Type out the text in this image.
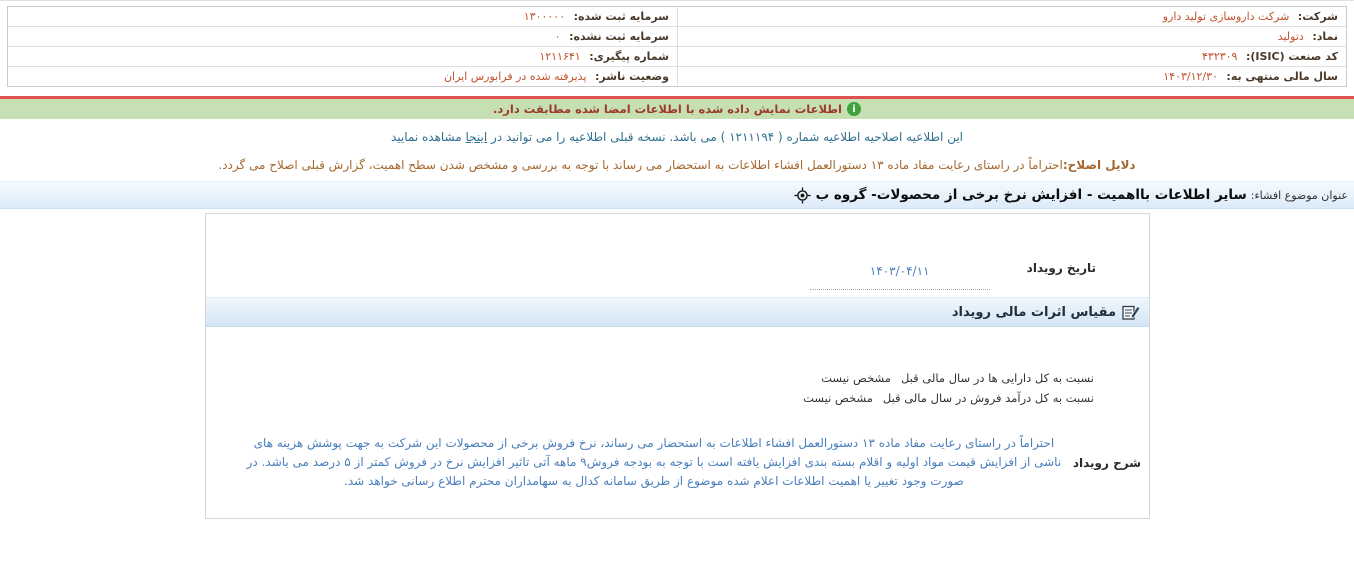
شرکت: شرکت داروسازی تولید دارو
سرمایه ثبت شده: ۱۳۰۰۰۰۰
نماد: دتولید
سرمایه ثبت نشده: ۰
کد صنعت (ISIC): ۴۳۲۳۰۹
شماره پیگیری: ۱۲۱۱۶۴۱
سال مالی منتهی به: ۱۴۰۳/۱۲/۳۰
وضعیت ناشر: پذیرفته شده در فرابورس ایران
i
اطلاعات نمایش داده شده با اطلاعات امضا شده مطابقت دارد.
این اطلاعیه اصلاحیه اطلاعیه شماره ( ۱۲۱۱۱۹۴ ) می باشد. نسخه قبلی اطلاعیه را می توانید در اینجا مشاهده نمایید
دلایل اصلاح:احتراماً در راستای رعایت مفاد ماده ۱۳ دستورالعمل افشاء اطلاعات به استحضار می رساند با توجه به بررسی و مشخص شدن سطح اهمیت، گزارش قبلی اصلاح می گردد.
عنوان موضوع افشاء:
سایر اطلاعات بااهمیت - افزایش نرخ برخی از محصولات- گروه ب
تاریخ رویداد
۱۴۰۳/۰۴/۱۱
مقیاس اثرات مالی رویداد
نسبت به کل دارایی ها در سال مالی قبل
مشخص نیست
نسبت به کل درآمد فروش در سال مالی قبل
مشخص نیست
شرح رویداد
احتراماً در راستای رعایت مفاد ماده ۱۳ دستورالعمل افشاء اطلاعات به استحضار می رساند، نرخ فروش برخی از محصولات این شرکت به جهت پوشش هزینه های ناشی از افزایش قیمت مواد اولیه و اقلام بسته بندی افزایش یافته است با توجه به بودجه فروش۹ ماهه آتی تاثیر افزایش نرخ در فروش کمتر از ۵ درصد می باشد. در صورت وجود تغییر یا اهمیت اطلاعات اعلام شده موضوع از طریق سامانه کدال به سهامداران محترم اطلاع رسانی خواهد شد.
